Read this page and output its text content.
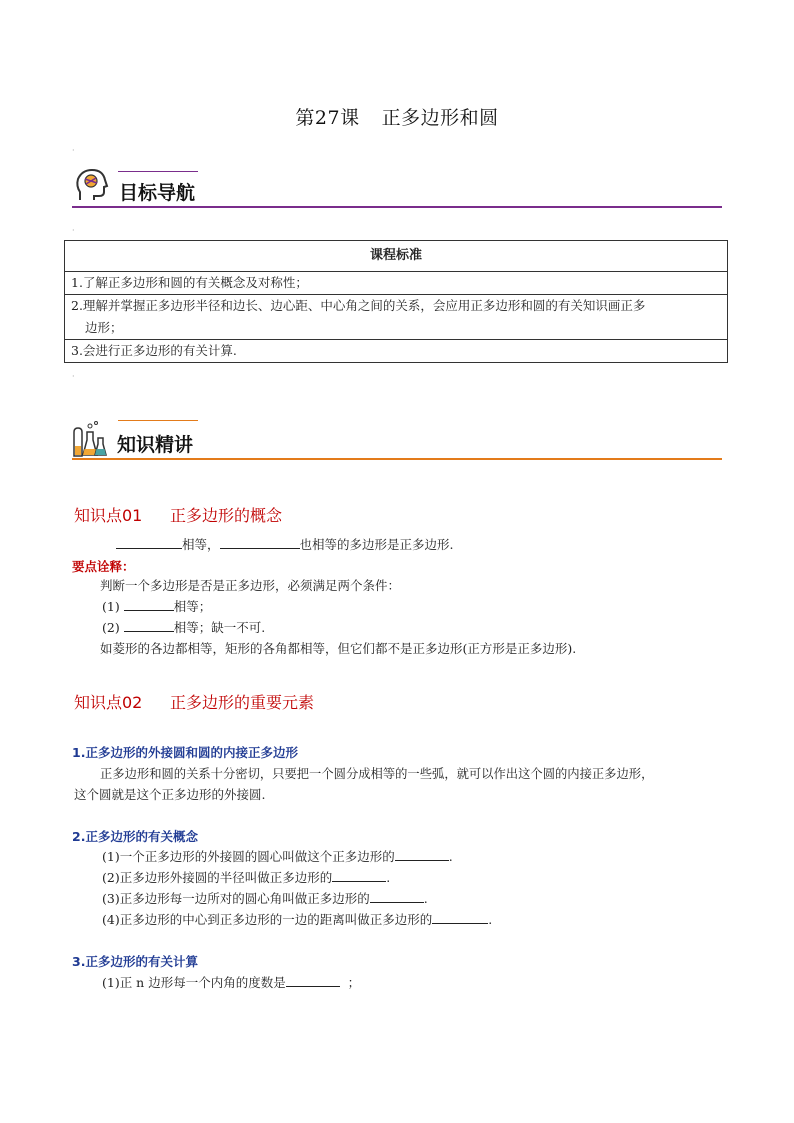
第27课 正多边形和圆
·
目标导航
·
课程标准
1.了解正多边形和圆的有关概念及对称性；
2.理解并掌握正多边形半径和边长、边心距、中心角之间的关系，会应用正多边形和圆的有关知识画正多
边形；
3.会进行正多边形的有关计算.
·
知识精讲
知识点01 正多边形的概念
相等，	也相等的多边形是正多边形.
要点诠释：
判断一个多边形是否是正多边形，必须满足两个条件：
(1)	相等；
(2)	相等；缺一不可.
如菱形的各边都相等，矩形的各角都相等，但它们都不是正多边形(正方形是正多边形).
知识点02 正多边形的重要元素
1.正多边形的外接圆和圆的内接正多边形
正多边形和圆的关系十分密切，只要把一个圆分成相等的一些弧，就可以作出这个圆的内接正多边形，
这个圆就是这个正多边形的外接圆.
2.正多边形的有关概念
(1)一个正多边形的外接圆的圆心叫做这个正多边形的	.
(2)正多边形外接圆的半径叫做正多边形的	.
(3)正多边形每一边所对的圆心角叫做正多边形的	.
(4)正多边形的中心到正多边形的一边的距离叫做正多边形的	.
3.正多边形的有关计算
(1)正 n 边形每一个内角的度数是	；
